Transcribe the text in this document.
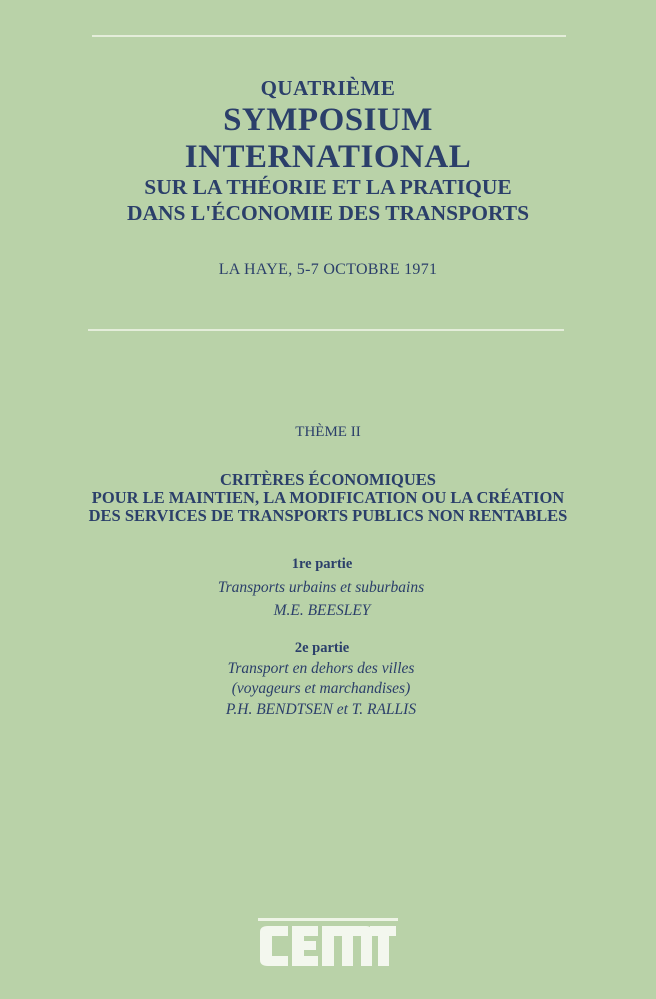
QUATRIÈME
SYMPOSIUM
INTERNATIONAL
SUR LA THÉORIE ET LA PRATIQUE
DANS L'ÉCONOMIE DES TRANSPORTS
LA HAYE, 5-7 OCTOBRE 1971
THÈME II
CRITÈRES ÉCONOMIQUES
POUR LE MAINTIEN, LA MODIFICATION OU LA CRÉATION
DES SERVICES DE TRANSPORTS PUBLICS NON RENTABLES
1re partie
Transports urbains et suburbains
M.E. BEESLEY
2e partie
Transport en dehors des villes
(voyageurs et marchandises)
P.H. BENDTSEN et T. RALLIS
